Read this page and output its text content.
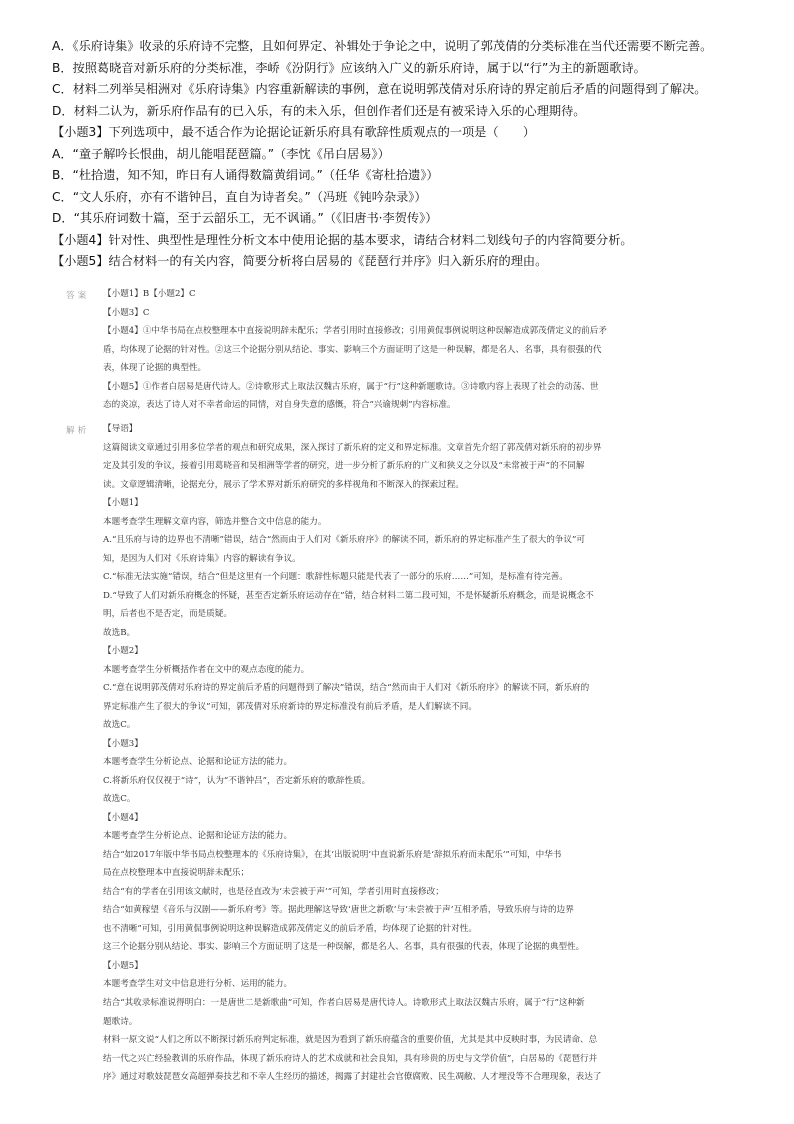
A．《乐府诗集》收录的乐府诗不完整，且如何界定、补辑处于争论之中，说明了郭茂倩的分类标准在当代还需要不断完善。
B．按照葛晓音对新乐府的分类标准，李峤《汾阴行》应该纳入广义的新乐府诗，属于以“行”为主的新题歌诗。
C．材料二列举吴相洲对《乐府诗集》内容重新解读的事例，意在说明郭茂倩对乐府诗的界定前后矛盾的问题得到了解决。
D．材料二认为，新乐府作品有的已入乐，有的未入乐，但创作者们还是有被采诗入乐的心理期待。
【小题3】下列选项中，最不适合作为论据论证新乐府具有歌辞性质观点的一项是（　　）
A．“童子解吟长恨曲，胡儿能唱琵琶篇。”（李忱《吊白居易》）
B．“杜拾遗，知不知，昨日有人诵得数篇黄绢词。”（任华《寄杜拾遗》）
C．“文人乐府，亦有不谐钟吕，直自为诗者矣。”（冯班《钝吟杂录》）
D．“其乐府词数十篇，至于云韶乐工，无不讽诵。”（《旧唐书·李贺传》）
【小题4】针对性、典型性是理性分析文本中使用论据的基本要求，请结合材料二划线句子的内容简要分析。
【小题5】结合材料一的有关内容，简要分析将白居易的《琵琶行并序》归入新乐府的理由。
答案 【小题1】B【小题2】C
【小题3】C
【小题4】①中华书局在点校整理本中直接说明辞未配乐；学者引用时直接修改；引用黄侃事例说明这种误解造成郭茂倩定义的前后矛
盾，均体现了论据的针对性。②这三个论据分别从结论、事实、影响三个方面证明了这是一种误解，都是名人、名事，具有很强的代
表，体现了论据的典型性。
【小题5】①作者白居易是唐代诗人。②诗歌形式上取法汉魏古乐府，属于“行”这种新题歌诗。③诗歌内容上表现了社会的动荡、世
态的炎凉，表达了诗人对不幸者命运的同情，对自身失意的感慨，符合“兴谕规刺”内容标准。
解析 【导语】
这篇阅读文章通过引用多位学者的观点和研究成果，深入探讨了新乐府的定义和界定标准。文章首先介绍了郭茂倩对新乐府的初步界
定及其引发的争议，接着引用葛晓音和吴相洲等学者的研究，进一步分析了新乐府的广义和狭义之分以及“未常被于声”的不同解
读。文章逻辑清晰，论据充分，展示了学术界对新乐府研究的多样视角和不断深入的探索过程。
【小题1】
本题考查学生理解文章内容，筛选并整合文中信息的能力。
A.“且乐府与诗的边界也不清晰”错误，结合“然而由于人们对《新乐府序》的解读不同，新乐府的界定标准产生了很大的争议”可
知，是因为人们对《乐府诗集》内容的解读有争议。
C.“标准无法实施”错误，结合“但是这里有一个问题：歌辞性标题只能是代表了一部分的乐府……”可知，是标准有待完善。
D.“导致了人们对新乐府概念的怀疑，甚至否定新乐府运动存在”错，结合材料二第二段可知，不是怀疑新乐府概念，而是说概念不
明，后者也不是否定，而是质疑。
故选B。
【小题2】
本题考查学生分析概括作者在文中的观点态度的能力。
C.“意在说明郭茂倩对乐府诗的界定前后矛盾的问题得到了解决”错误，结合“然而由于人们对《新乐府序》的解读不同，新乐府的
界定标准产生了很大的争议”可知，郭茂倩对乐府新诗的界定标准没有前后矛盾，是人们解读不同。
故选C。
【小题3】
本题考查学生分析论点、论据和论证方法的能力。
C.将新乐府仅仅视于“诗”，认为“不谐钟吕”，否定新乐府的歌辞性质。
故选C。
【小题4】
本题考查学生分析论点、论据和论证方法的能力。
结合“如2017年版中华书局点校整理本的《乐府诗集》，在其‘出版说明’中直说新乐府是‘辞拟乐府而未配乐’”可知，中华书
局在点校整理本中直接说明辞未配乐；
结合“有的学者在引用该文献时，也是径直改为‘未尝被于声’”可知，学者引用时直接修改；
结合“如黄稼望《音乐与汉剧——新乐府考》等。据此理解这导致‘唐世之新歌’与‘未尝被于声’互相矛盾，导致乐府与诗的边界
也不清晰”可知，引用黄侃事例说明这种误解造成郭茂倩定义的前后矛盾，均体现了论据的针对性。
这三个论据分别从结论、事实、影响三个方面证明了这是一种误解，都是名人、名事，具有很强的代表，体现了论据的典型性。
【小题5】
本题考查学生对文中信息进行分析、运用的能力。
结合“其收录标准说得明白：一是唐世二是新歌曲”可知，作者白居易是唐代诗人。诗歌形式上取法汉魏古乐府，属于“行”这种新
题歌诗。
材料一原文说“人们之所以不断探讨新乐府判定标准，就是因为看到了新乐府蕴含的重要价值，尤其是其中反映时事，为民请命、总
结一代之兴亡经验教训的乐府作品，体现了新乐府诗人的艺术成就和社会良知，具有珍贵的历史与文学价值”，白居易的《琵琶行并
序》通过对歌妓琵琶女高超弹奏技艺和不幸人生经历的描述，揭露了封建社会官僚腐败、民生凋敝、人才埋没等不合理现象，表达了
